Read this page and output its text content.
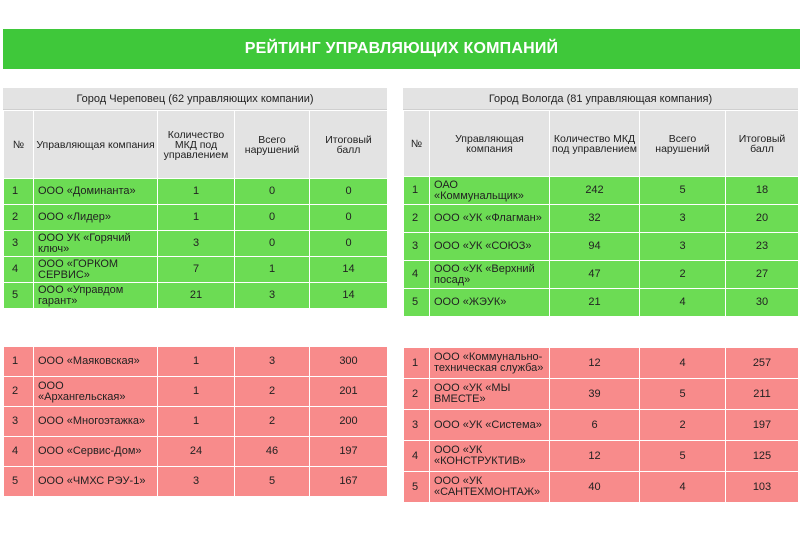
РЕЙТИНГ УПРАВЛЯЮЩИХ КОМПАНИЙ
Город Череповец (62 управляющих компании)
№	Управляющая компания	Количество МКД под управлением	Всего нарушений	Итоговый балл
1	ООО «Доминанта»	1	0	0
2	ООО «Лидер»	1	0	0
3	ООО УК «Горячий ключ»	3	0	0
4	ООО «ГОРКОМ СЕРВИС»	7	1	14
5	ООО «Управдом гарант»	21	3	14
1	ООО «Маяковская»	1	3	300
2	ООО «Архангельская»	1	2	201
3	ООО «Многоэтажка»	1	2	200
4	ООО «Сервис-Дом»	24	46	197
5	ООО «ЧМХС РЭУ-1»	3	5	167
Город Вологда (81 управляющая компания)
№	Управляющая компания	Количество МКД под управлением	Всего нарушений	Итоговый балл
1	ОАО «Коммунальщик»	242	5	18
2	ООО «УК «Флагман»	32	3	20
3	ООО «УК «СОЮЗ»	94	3	23
4	ООО «УК «Верхний посад»	47	2	27
5	ООО «ЖЭУК»	21	4	30
1	ООО «Коммунально-техническая служба»	12	4	257
2	ООО «УК «МЫ ВМЕСТЕ»	39	5	211
3	ООО «УК «Система»	6	2	197
4	ООО «УК «КОНСТРУКТИВ»	12	5	125
5	ООО «УК «САНТЕХМОНТАЖ»	40	4	103
